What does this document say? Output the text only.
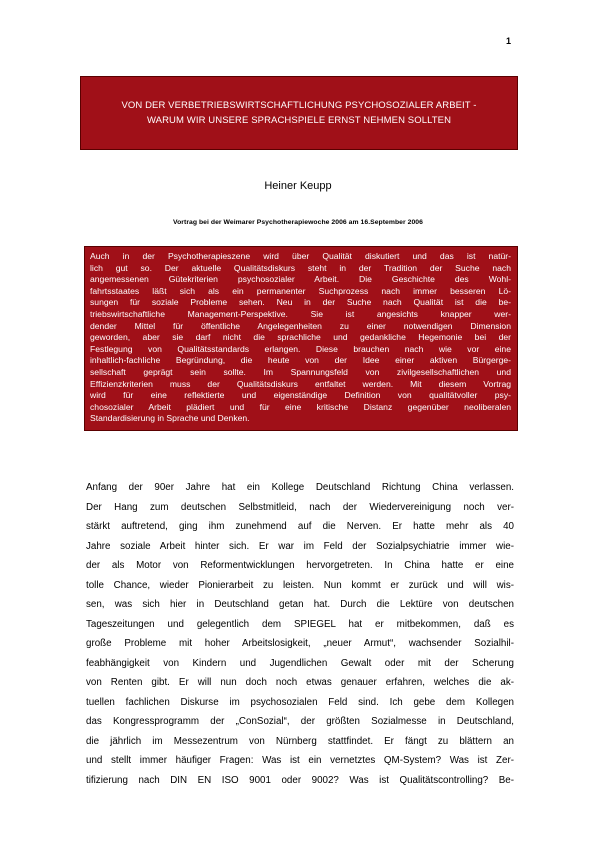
1
VON DER VERBETRIEBSWIRTSCHAFTLICHUNG PSYCHOSOZIALER ARBEIT -
WARUM WIR UNSERE SPRACHSPIELE ERNST NEHMEN SOLLTEN
Heiner Keupp
Vortrag bei der Weimarer Psychotherapiewoche 2006 am 16.September 2006
Auch in der Psychotherapieszene wird über Qualität diskutiert und das ist natür-
lich gut so. Der aktuelle Qualitätsdiskurs steht in der Tradition der Suche nach
angemessenen Gütekriterien psychosozialer Arbeit. Die Geschichte des Wohl-
fahrtsstaates läßt sich als ein permanenter Suchprozess nach immer besseren Lö-
sungen für soziale Probleme sehen. Neu in der Suche nach Qualität ist die be-
triebswirtschaftliche Management-Perspektive. Sie ist angesichts knapper wer-
dender Mittel für öffentliche Angelegenheiten zu einer notwendigen Dimension
geworden, aber sie darf nicht die sprachliche und gedankliche Hegemonie bei der
Festlegung von Qualitätsstandards erlangen. Diese brauchen nach wie vor eine
inhaltlich-fachliche Begründung, die heute von der Idee einer aktiven Bürgerge-
sellschaft geprägt sein sollte. Im Spannungsfeld von zivilgesellschaftlichen und
Effizienzkriterien muss der Qualitätsdiskurs entfaltet werden. Mit diesem Vortrag
wird für eine reflektierte und eigenständige Definition von qualitätvoller psy-
chosozialer Arbeit plädiert und für eine kritische Distanz gegenüber neoliberalen
Standardisierung in Sprache und Denken.
Anfang der 90er Jahre hat ein Kollege Deutschland Richtung China verlassen.
Der Hang zum deutschen Selbstmitleid, nach der Wiedervereinigung noch ver-
stärkt auftretend, ging ihm zunehmend auf die Nerven. Er hatte mehr als 40
Jahre soziale Arbeit hinter sich. Er war im Feld der Sozialpsychiatrie immer wie-
der als Motor von Reformentwicklungen hervorgetreten. In China hatte er eine
tolle Chance, wieder Pionierarbeit zu leisten. Nun kommt er zurück und will wis-
sen, was sich hier in Deutschland getan hat. Durch die Lektüre von deutschen
Tageszeitungen und gelegentlich dem SPIEGEL hat er mitbekommen, daß es
große Probleme mit hoher Arbeitslosigkeit, „neuer Armut“, wachsender Sozialhil-
feabhängigkeit von Kindern und Jugendlichen Gewalt oder mit der Scherung
von Renten gibt. Er will nun doch noch etwas genauer erfahren, welches die ak-
tuellen fachlichen Diskurse im psychosozialen Feld sind. Ich gebe dem Kollegen
das Kongressprogramm der „ConSozial“, der größten Sozialmesse in Deutschland,
die jährlich im Messezentrum von Nürnberg stattfindet. Er fängt zu blättern an
und stellt immer häufiger Fragen: Was ist ein vernetztes QM-System? Was ist Zer-
tifizierung nach DIN EN ISO 9001 oder 9002? Was ist Qualitätscontrolling? Be-
